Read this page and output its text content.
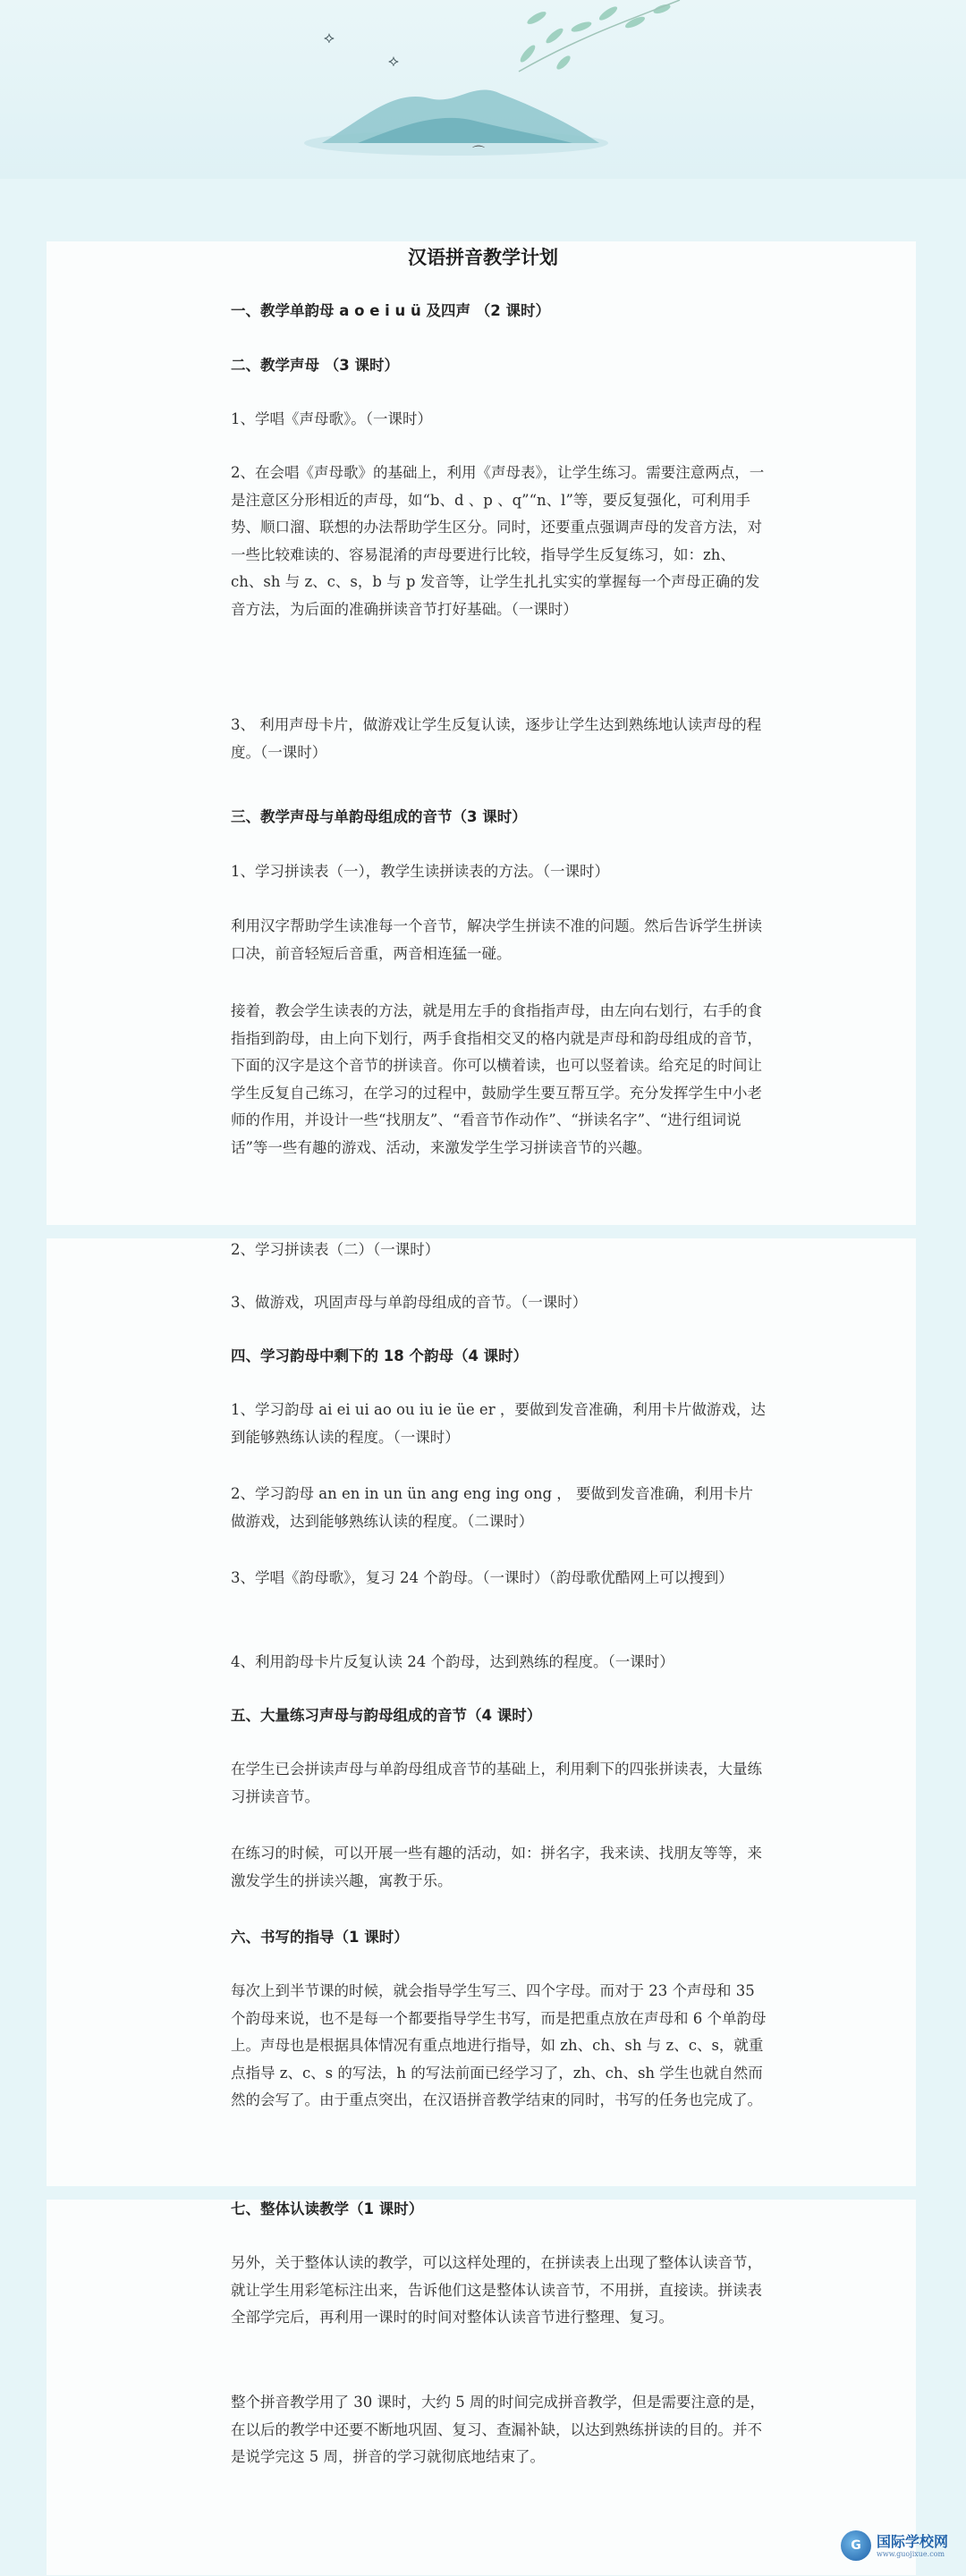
⟡
⟡
⌒
汉语拼音教学计划
一、教学单韵母 a o e i u ü 及四声 （2 课时）
二、教学声母 （3 课时）
1、学唱《声母歌》。（一课时）
2、在会唱《声母歌》的基础上，利用《声母表》，让学生练习。需要注意两点，一是注意区分形相近的声母，如“b、d 、p 、q”“n、l”等，要反复强化，可利用手势、顺口溜、联想的办法帮助学生区分。同时，还要重点强调声母的发音方法，对一些比较难读的、容易混淆的声母要进行比较，指导学生反复练习，如：zh、ch、sh 与 z、c、s，b 与 p 发音等，让学生扎扎实实的掌握每一个声母正确的发音方法，为后面的准确拼读音节打好基础。（一课时）
3、 利用声母卡片，做游戏让学生反复认读，逐步让学生达到熟练地认读声母的程度。（一课时）
三、教学声母与单韵母组成的音节（3 课时）
1、学习拼读表（一），教学生读拼读表的方法。（一课时）
利用汉字帮助学生读准每一个音节，解决学生拼读不准的问题。然后告诉学生拼读口决，前音轻短后音重，两音相连猛一碰。
接着，教会学生读表的方法，就是用左手的食指指声母，由左向右划行，右手的食指指到韵母，由上向下划行，两手食指相交叉的格内就是声母和韵母组成的音节，下面的汉字是这个音节的拼读音。你可以横着读，也可以竖着读。给充足的时间让学生反复自己练习，在学习的过程中，鼓励学生要互帮互学。充分发挥学生中小老师的作用，并设计一些“找朋友”、“看音节作动作”、“拼读名字”、“进行组词说话”等一些有趣的游戏、活动，来激发学生学习拼读音节的兴趣。
2、学习拼读表（二）（一课时）
3、做游戏，巩固声母与单韵母组成的音节。（一课时）
四、学习韵母中剩下的 18 个韵母（4 课时）
1、学习韵母 ai ei ui ao ou iu ie üe er ，要做到发音准确，利用卡片做游戏，达到能够熟练认读的程度。（一课时）
2、学习韵母 an en in un ün ang eng ing ong ， 要做到发音准确，利用卡片做游戏，达到能够熟练认读的程度。（二课时）
3、学唱《韵母歌》，复习 24 个韵母。（一课时）（韵母歌优酷网上可以搜到）
4、利用韵母卡片反复认读 24 个韵母，达到熟练的程度。（一课时）
五、大量练习声母与韵母组成的音节（4 课时）
在学生已会拼读声母与单韵母组成音节的基础上，利用剩下的四张拼读表，大量练习拼读音节。
在练习的时候，可以开展一些有趣的活动，如：拼名字，我来读、找朋友等等，来激发学生的拼读兴趣，寓教于乐。
六、书写的指导（1 课时）
每次上到半节课的时候，就会指导学生写三、四个字母。而对于 23 个声母和 35 个韵母来说，也不是每一个都要指导学生书写，而是把重点放在声母和 6 个单韵母上。声母也是根据具体情况有重点地进行指导，如 zh、ch、sh 与 z、c、s，就重点指导 z、c、s 的写法，h 的写法前面已经学习了，zh、ch、sh 学生也就自然而然的会写了。由于重点突出，在汉语拼音教学结束的同时，书写的任务也完成了。
七、整体认读教学（1 课时）
另外，关于整体认读的教学，可以这样处理的，在拼读表上出现了整体认读音节，就让学生用彩笔标注出来，告诉他们这是整体认读音节，不用拼，直接读。拼读表全部学完后，再利用一课时的时间对整体认读音节进行整理、复习。
整个拼音教学用了 30 课时，大约 5 周的时间完成拼音教学，但是需要注意的是，在以后的教学中还要不断地巩固、复习、查漏补缺，以达到熟练拼读的目的。并不是说学完这 5 周，拼音的学习就彻底地结束了。
G	国际学校网
www.guojixue.com
